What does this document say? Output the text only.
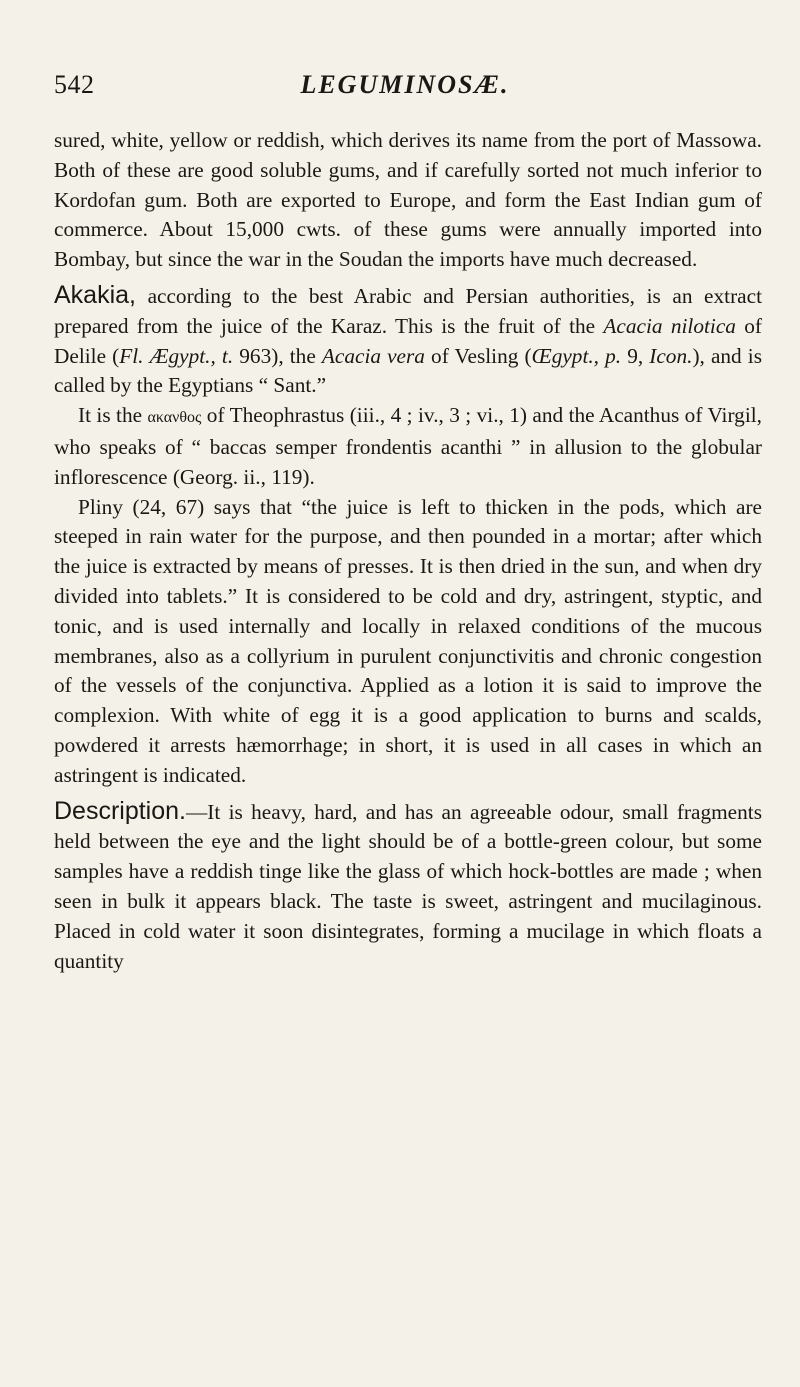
542	LEGUMINOSÆ.

sured, white, yellow or reddish, which derives its name from the port of Massowa. Both of these are good soluble gums, and if carefully sorted not much inferior to Kordofan gum. Both are exported to Europe, and form the East Indian gum of commerce. About 15,000 cwts. of these gums were annually imported into Bombay, but since the war in the Soudan the imports have much decreased.

Akakia, according to the best Arabic and Persian authorities, is an extract prepared from the juice of the Karaz. This is the fruit of the Acacia nilotica of Delile (Fl. Ægypt., t. 963), the Acacia vera of Vesling (Œgypt., p. 9, Icon.), and is called by the Egyptians “ Sant.”

It is the ακανθος of Theophrastus (iii., 4 ; iv., 3 ; vi., 1) and the Acanthus of Virgil, who speaks of “ baccas semper frondentis acanthi ” in allusion to the globular inflorescence (Georg. ii., 119).

Pliny (24, 67) says that “the juice is left to thicken in the pods, which are steeped in rain water for the purpose, and then pounded in a mortar; after which the juice is extracted by means of presses. It is then dried in the sun, and when dry divided into tablets.” It is considered to be cold and dry, astringent, styptic, and tonic, and is used internally and locally in relaxed conditions of the mucous membranes, also as a collyrium in purulent conjunctivitis and chronic congestion of the vessels of the conjunctiva. Applied as a lotion it is said to improve the complexion. With white of egg it is a good application to burns and scalds, powdered it arrests hæmorrhage; in short, it is used in all cases in which an astringent is indicated.

Description.—It is heavy, hard, and has an agreeable odour, small fragments held between the eye and the light should be of a bottle-green colour, but some samples have a reddish tinge like the glass of which hock-bottles are made ; when seen in bulk it appears black. The taste is sweet, astringent and mucilaginous. Placed in cold water it soon disintegrates, forming a mucilage in which floats a quantity
